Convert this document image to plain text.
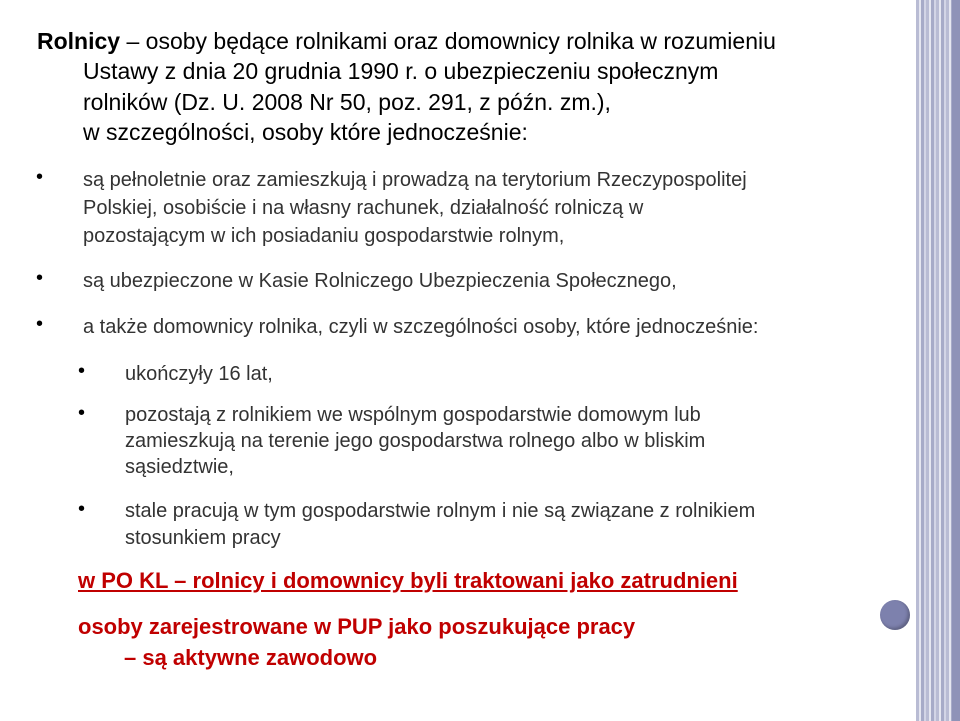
Rolnicy – osoby będące rolnikami oraz domownicy rolnika w rozumieniu
Ustawy z dnia 20 grudnia 1990 r. o ubezpieczeniu społecznym
rolników (Dz. U. 2008 Nr 50, poz. 291, z późn. zm.),
w szczególności, osoby które jednocześnie:
• są pełnoletnie oraz zamieszkują i prowadzą na terytorium Rzeczypospolitej
Polskiej, osobiście i na własny rachunek, działalność rolniczą w
pozostającym w ich posiadaniu gospodarstwie rolnym,
• są ubezpieczone w Kasie Rolniczego Ubezpieczenia Społecznego,
• a także domownicy rolnika, czyli w szczególności osoby, które jednocześnie:
• ukończyły 16 lat,
• pozostają z rolnikiem we wspólnym gospodarstwie domowym lub
zamieszkują na terenie jego gospodarstwa rolnego albo w bliskim
sąsiedztwie,
• stale pracują w tym gospodarstwie rolnym i nie są związane z rolnikiem
stosunkiem pracy
w PO KL – rolnicy i domownicy byli traktowani jako zatrudnieni
osoby zarejestrowane w PUP jako poszukujące pracy
– są aktywne zawodowo
